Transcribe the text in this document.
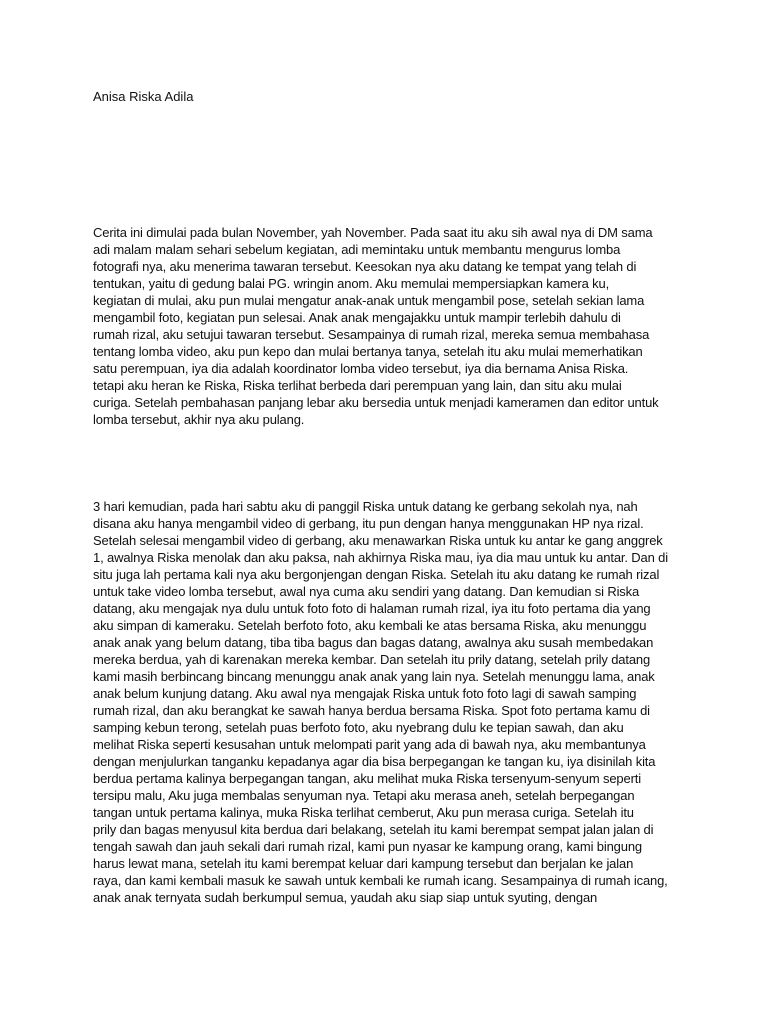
Anisa Riska Adila

Cerita ini dimulai pada bulan November, yah November. Pada saat itu aku sih awal nya di DM sama
adi malam malam sehari sebelum kegiatan, adi memintaku untuk membantu mengurus lomba
fotografi nya, aku menerima tawaran tersebut. Keesokan nya aku datang ke tempat yang telah di
tentukan, yaitu di gedung balai PG. wringin anom. Aku memulai mempersiapkan kamera ku,
kegiatan di mulai, aku pun mulai mengatur anak-anak untuk mengambil pose, setelah sekian lama
mengambil foto, kegiatan pun selesai. Anak anak mengajakku untuk mampir terlebih dahulu di
rumah rizal, aku setujui tawaran tersebut. Sesampainya di rumah rizal, mereka semua membahasa
tentang lomba video, aku pun kepo dan mulai bertanya tanya, setelah itu aku mulai memerhatikan
satu perempuan, iya dia adalah koordinator lomba video tersebut, iya dia bernama Anisa Riska.
tetapi aku heran ke Riska, Riska terlihat berbeda dari perempuan yang lain, dan situ aku mulai
curiga. Setelah pembahasan panjang lebar aku bersedia untuk menjadi kameramen dan editor untuk
lomba tersebut, akhir nya aku pulang.
3 hari kemudian, pada hari sabtu aku di panggil Riska untuk datang ke gerbang sekolah nya, nah
disana aku hanya mengambil video di gerbang, itu pun dengan hanya menggunakan HP nya rizal.
Setelah selesai mengambil video di gerbang, aku menawarkan Riska untuk ku antar ke gang anggrek
1, awalnya Riska menolak dan aku paksa, nah akhirnya Riska mau, iya dia mau untuk ku antar. Dan di
situ juga lah pertama kali nya aku bergonjengan dengan Riska. Setelah itu aku datang ke rumah rizal
untuk take video lomba tersebut, awal nya cuma aku sendiri yang datang. Dan kemudian si Riska
datang, aku mengajak nya dulu untuk foto foto di halaman rumah rizal, iya itu foto pertama dia yang
aku simpan di kameraku. Setelah berfoto foto, aku kembali ke atas bersama Riska, aku menunggu
anak anak yang belum datang, tiba tiba bagus dan bagas datang, awalnya aku susah membedakan
mereka berdua, yah di karenakan mereka kembar. Dan setelah itu prily datang, setelah prily datang
kami masih berbincang bincang menunggu anak anak yang lain nya. Setelah menunggu lama, anak
anak belum kunjung datang. Aku awal nya mengajak Riska untuk foto foto lagi di sawah samping
rumah rizal, dan aku berangkat ke sawah hanya berdua bersama Riska. Spot foto pertama kamu di
samping kebun terong, setelah puas berfoto foto, aku nyebrang dulu ke tepian sawah, dan aku
melihat Riska seperti kesusahan untuk melompati parit yang ada di bawah nya, aku membantunya
dengan menjulurkan tanganku kepadanya agar dia bisa berpegangan ke tangan ku, iya disinilah kita
berdua pertama kalinya berpegangan tangan, aku melihat muka Riska tersenyum-senyum seperti
tersipu malu, Aku juga membalas senyuman nya. Tetapi aku merasa aneh, setelah berpegangan
tangan untuk pertama kalinya, muka Riska terlihat cemberut, Aku pun merasa curiga. Setelah itu
prily dan bagas menyusul kita berdua dari belakang, setelah itu kami berempat sempat jalan jalan di
tengah sawah dan jauh sekali dari rumah rizal, kami pun nyasar ke kampung orang, kami bingung
harus lewat mana, setelah itu kami berempat keluar dari kampung tersebut dan berjalan ke jalan
raya, dan kami kembali masuk ke sawah untuk kembali ke rumah icang. Sesampainya di rumah icang,
anak anak ternyata sudah berkumpul semua, yaudah aku siap siap untuk syuting, dengan
